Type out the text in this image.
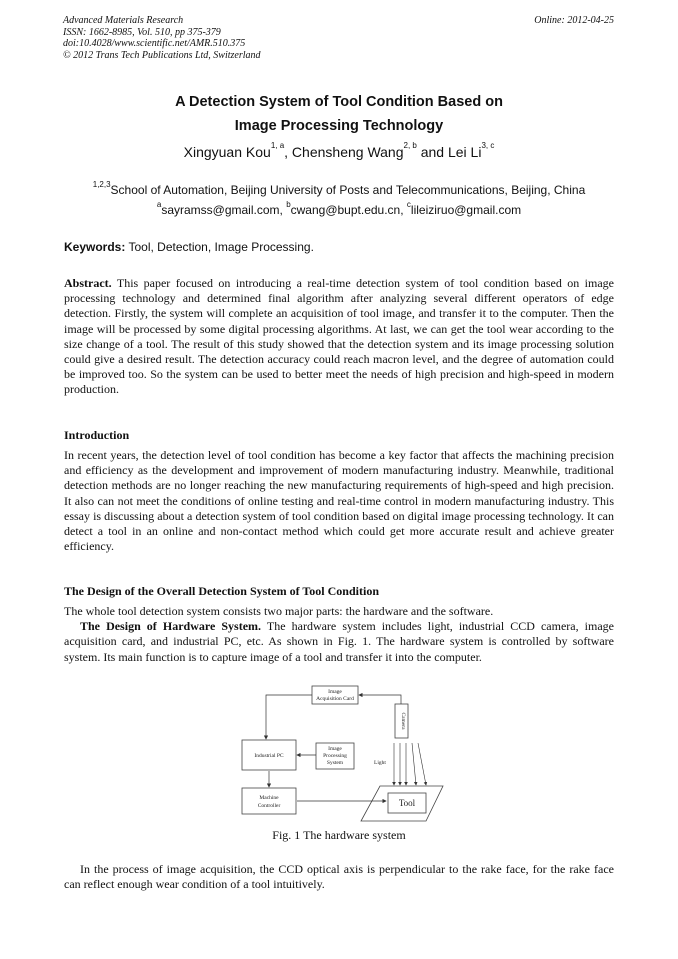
Advanced Materials Research
ISSN: 1662-8985, Vol. 510, pp 375-379
doi:10.4028/www.scientific.net/AMR.510.375
© 2012 Trans Tech Publications Ltd, Switzerland
Online: 2012-04-25
A Detection System of Tool Condition Based on
Image Processing Technology
Xingyuan Kou$^{1, a}$, Chensheng Wang$^{2, b}$ and Lei Li$^{3, c}$
$^{1,2,3}$School of Automation, Beijing University of Posts and Telecommunications, Beijing, China
$^a$sayramss@gmail.com, $^b$cwang@bupt.edu.cn, $^c$lileiziruo@gmail.com
Keywords: Tool, Detection, Image Processing.
Abstract. This paper focused on introducing a real-time detection system of tool condition based on image processing technology and determined final algorithm after analyzing several different operators of edge detection. Firstly, the system will complete an acquisition of tool image, and transfer it to the computer. Then the image will be processed by some digital processing algorithms. At last, we can get the tool wear according to the size change of a tool. The result of this study showed that the detection system and its image processing solution could give a desired result. The detection accuracy could reach macron level, and the degree of automation could be improved too. So the system can be used to better meet the needs of high precision and high-speed in modern production.
Introduction
In recent years, the detection level of tool condition has become a key factor that affects the machining precision and efficiency as the development and improvement of modern manufacturing industry. Meanwhile, traditional detection methods are no longer reaching the new manufacturing requirements of high-speed and high precision. It also can not meet the conditions of online testing and real-time control in modern manufacturing industry. This essay is discussing about a detection system of tool condition based on digital image processing technology. It can detect a tool in an online and non-contact method which could get more accurate result and achieve greater efficiency.
The Design of the Overall Detection System of Tool Condition
The whole tool detection system consists two major parts: the hardware and the software.
The Design of Hardware System. The hardware system includes light, industrial CCD camera, image acquisition card, and industrial PC, etc. As shown in Fig. 1. The hardware system is controlled by software system. Its main function is to capture image of a tool and transfer it into the computer.
Image
Acquisition Card
Camera
Industrial PC
Image
Processing
System
Machine
Controller	Tool
Light
Fig. 1 The hardware system
In the process of image acquisition, the CCD optical axis is perpendicular to the rake face, for the rake face can reflect enough wear condition of a tool intuitively.
